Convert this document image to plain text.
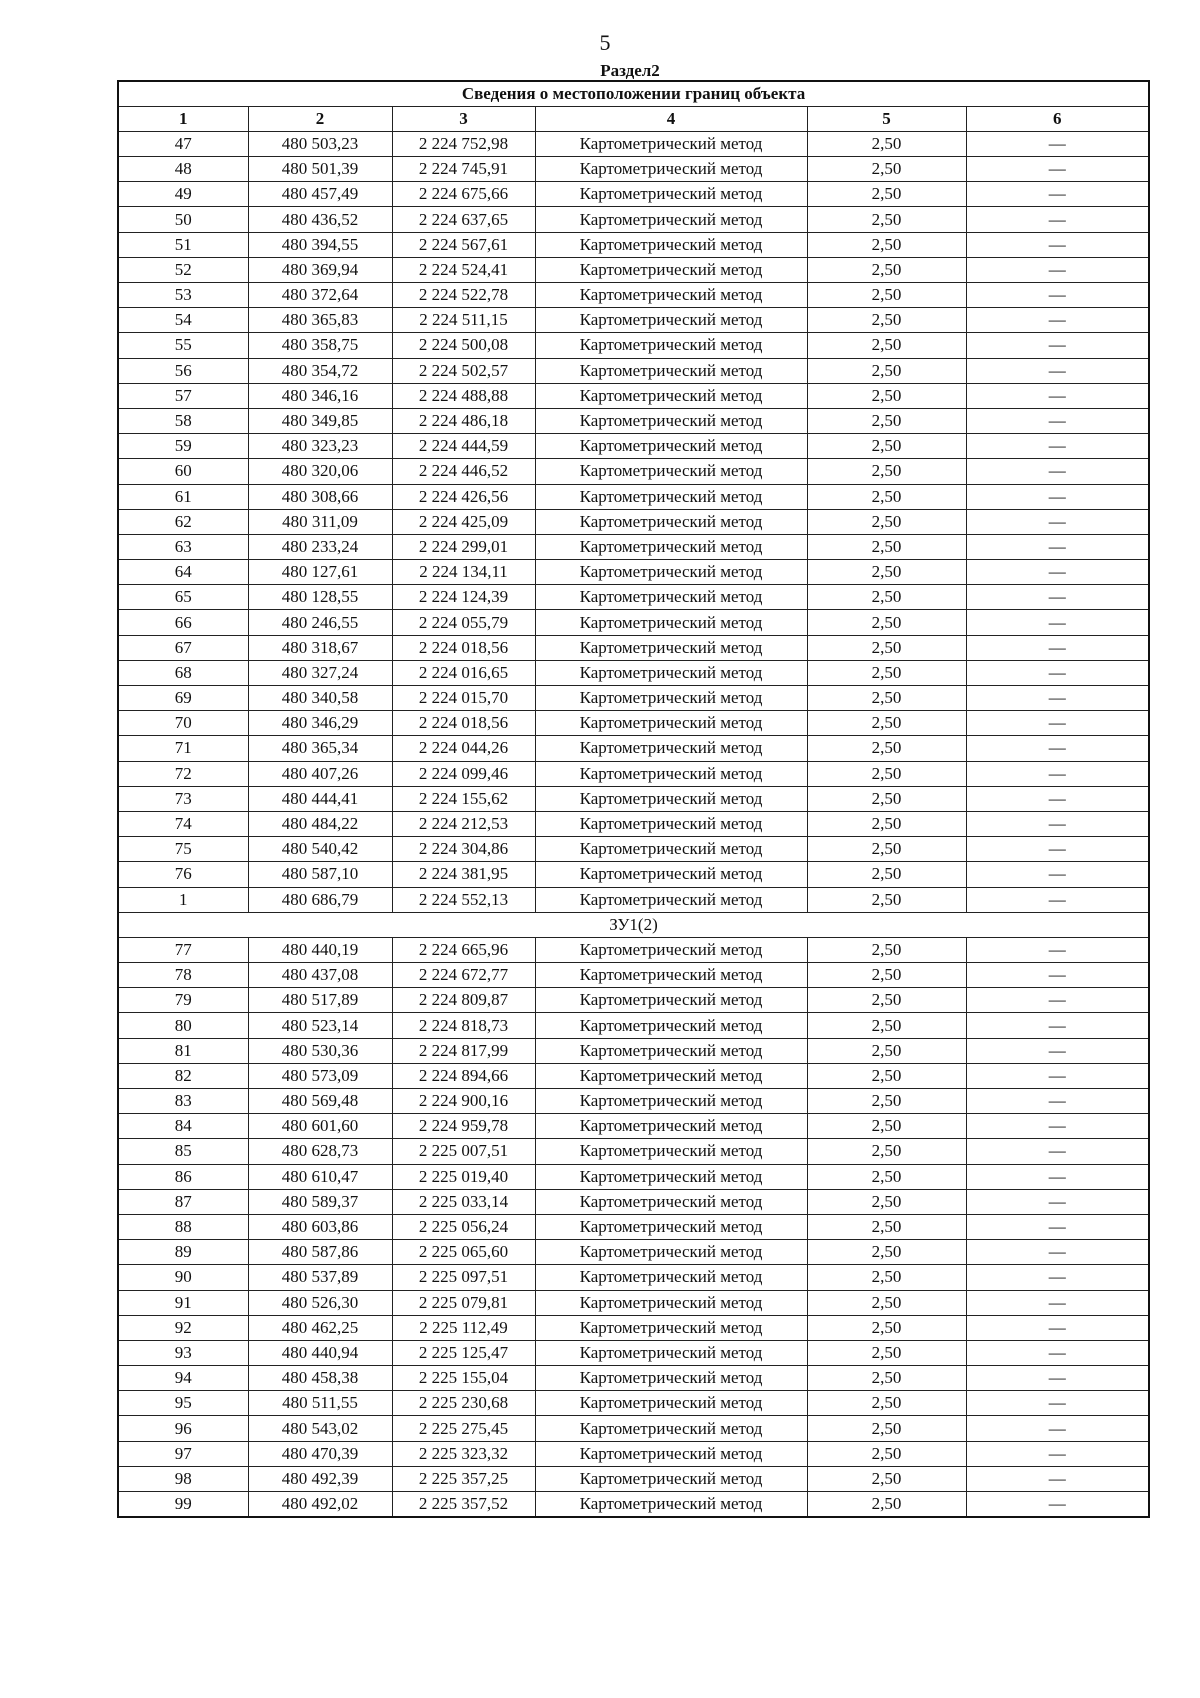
5
Раздел2
Сведения о местоположении границ объекта					
1	2	3	4	5	6
47	480 503,23	2 224 752,98	Картометрический метод	2,50	—
48	480 501,39	2 224 745,91	Картометрический метод	2,50	—
49	480 457,49	2 224 675,66	Картометрический метод	2,50	—
50	480 436,52	2 224 637,65	Картометрический метод	2,50	—
51	480 394,55	2 224 567,61	Картометрический метод	2,50	—
52	480 369,94	2 224 524,41	Картометрический метод	2,50	—
53	480 372,64	2 224 522,78	Картометрический метод	2,50	—
54	480 365,83	2 224 511,15	Картометрический метод	2,50	—
55	480 358,75	2 224 500,08	Картометрический метод	2,50	—
56	480 354,72	2 224 502,57	Картометрический метод	2,50	—
57	480 346,16	2 224 488,88	Картометрический метод	2,50	—
58	480 349,85	2 224 486,18	Картометрический метод	2,50	—
59	480 323,23	2 224 444,59	Картометрический метод	2,50	—
60	480 320,06	2 224 446,52	Картометрический метод	2,50	—
61	480 308,66	2 224 426,56	Картометрический метод	2,50	—
62	480 311,09	2 224 425,09	Картометрический метод	2,50	—
63	480 233,24	2 224 299,01	Картометрический метод	2,50	—
64	480 127,61	2 224 134,11	Картометрический метод	2,50	—
65	480 128,55	2 224 124,39	Картометрический метод	2,50	—
66	480 246,55	2 224 055,79	Картометрический метод	2,50	—
67	480 318,67	2 224 018,56	Картометрический метод	2,50	—
68	480 327,24	2 224 016,65	Картометрический метод	2,50	—
69	480 340,58	2 224 015,70	Картометрический метод	2,50	—
70	480 346,29	2 224 018,56	Картометрический метод	2,50	—
71	480 365,34	2 224 044,26	Картометрический метод	2,50	—
72	480 407,26	2 224 099,46	Картометрический метод	2,50	—
73	480 444,41	2 224 155,62	Картометрический метод	2,50	—
74	480 484,22	2 224 212,53	Картометрический метод	2,50	—
75	480 540,42	2 224 304,86	Картометрический метод	2,50	—
76	480 587,10	2 224 381,95	Картометрический метод	2,50	—
1	480 686,79	2 224 552,13	Картометрический метод	2,50	—
ЗУ1(2)					
77	480 440,19	2 224 665,96	Картометрический метод	2,50	—
78	480 437,08	2 224 672,77	Картометрический метод	2,50	—
79	480 517,89	2 224 809,87	Картометрический метод	2,50	—
80	480 523,14	2 224 818,73	Картометрический метод	2,50	—
81	480 530,36	2 224 817,99	Картометрический метод	2,50	—
82	480 573,09	2 224 894,66	Картометрический метод	2,50	—
83	480 569,48	2 224 900,16	Картометрический метод	2,50	—
84	480 601,60	2 224 959,78	Картометрический метод	2,50	—
85	480 628,73	2 225 007,51	Картометрический метод	2,50	—
86	480 610,47	2 225 019,40	Картометрический метод	2,50	—
87	480 589,37	2 225 033,14	Картометрический метод	2,50	—
88	480 603,86	2 225 056,24	Картометрический метод	2,50	—
89	480 587,86	2 225 065,60	Картометрический метод	2,50	—
90	480 537,89	2 225 097,51	Картометрический метод	2,50	—
91	480 526,30	2 225 079,81	Картометрический метод	2,50	—
92	480 462,25	2 225 112,49	Картометрический метод	2,50	—
93	480 440,94	2 225 125,47	Картометрический метод	2,50	—
94	480 458,38	2 225 155,04	Картометрический метод	2,50	—
95	480 511,55	2 225 230,68	Картометрический метод	2,50	—
96	480 543,02	2 225 275,45	Картометрический метод	2,50	—
97	480 470,39	2 225 323,32	Картометрический метод	2,50	—
98	480 492,39	2 225 357,25	Картометрический метод	2,50	—
99	480 492,02	2 225 357,52	Картометрический метод	2,50	—
